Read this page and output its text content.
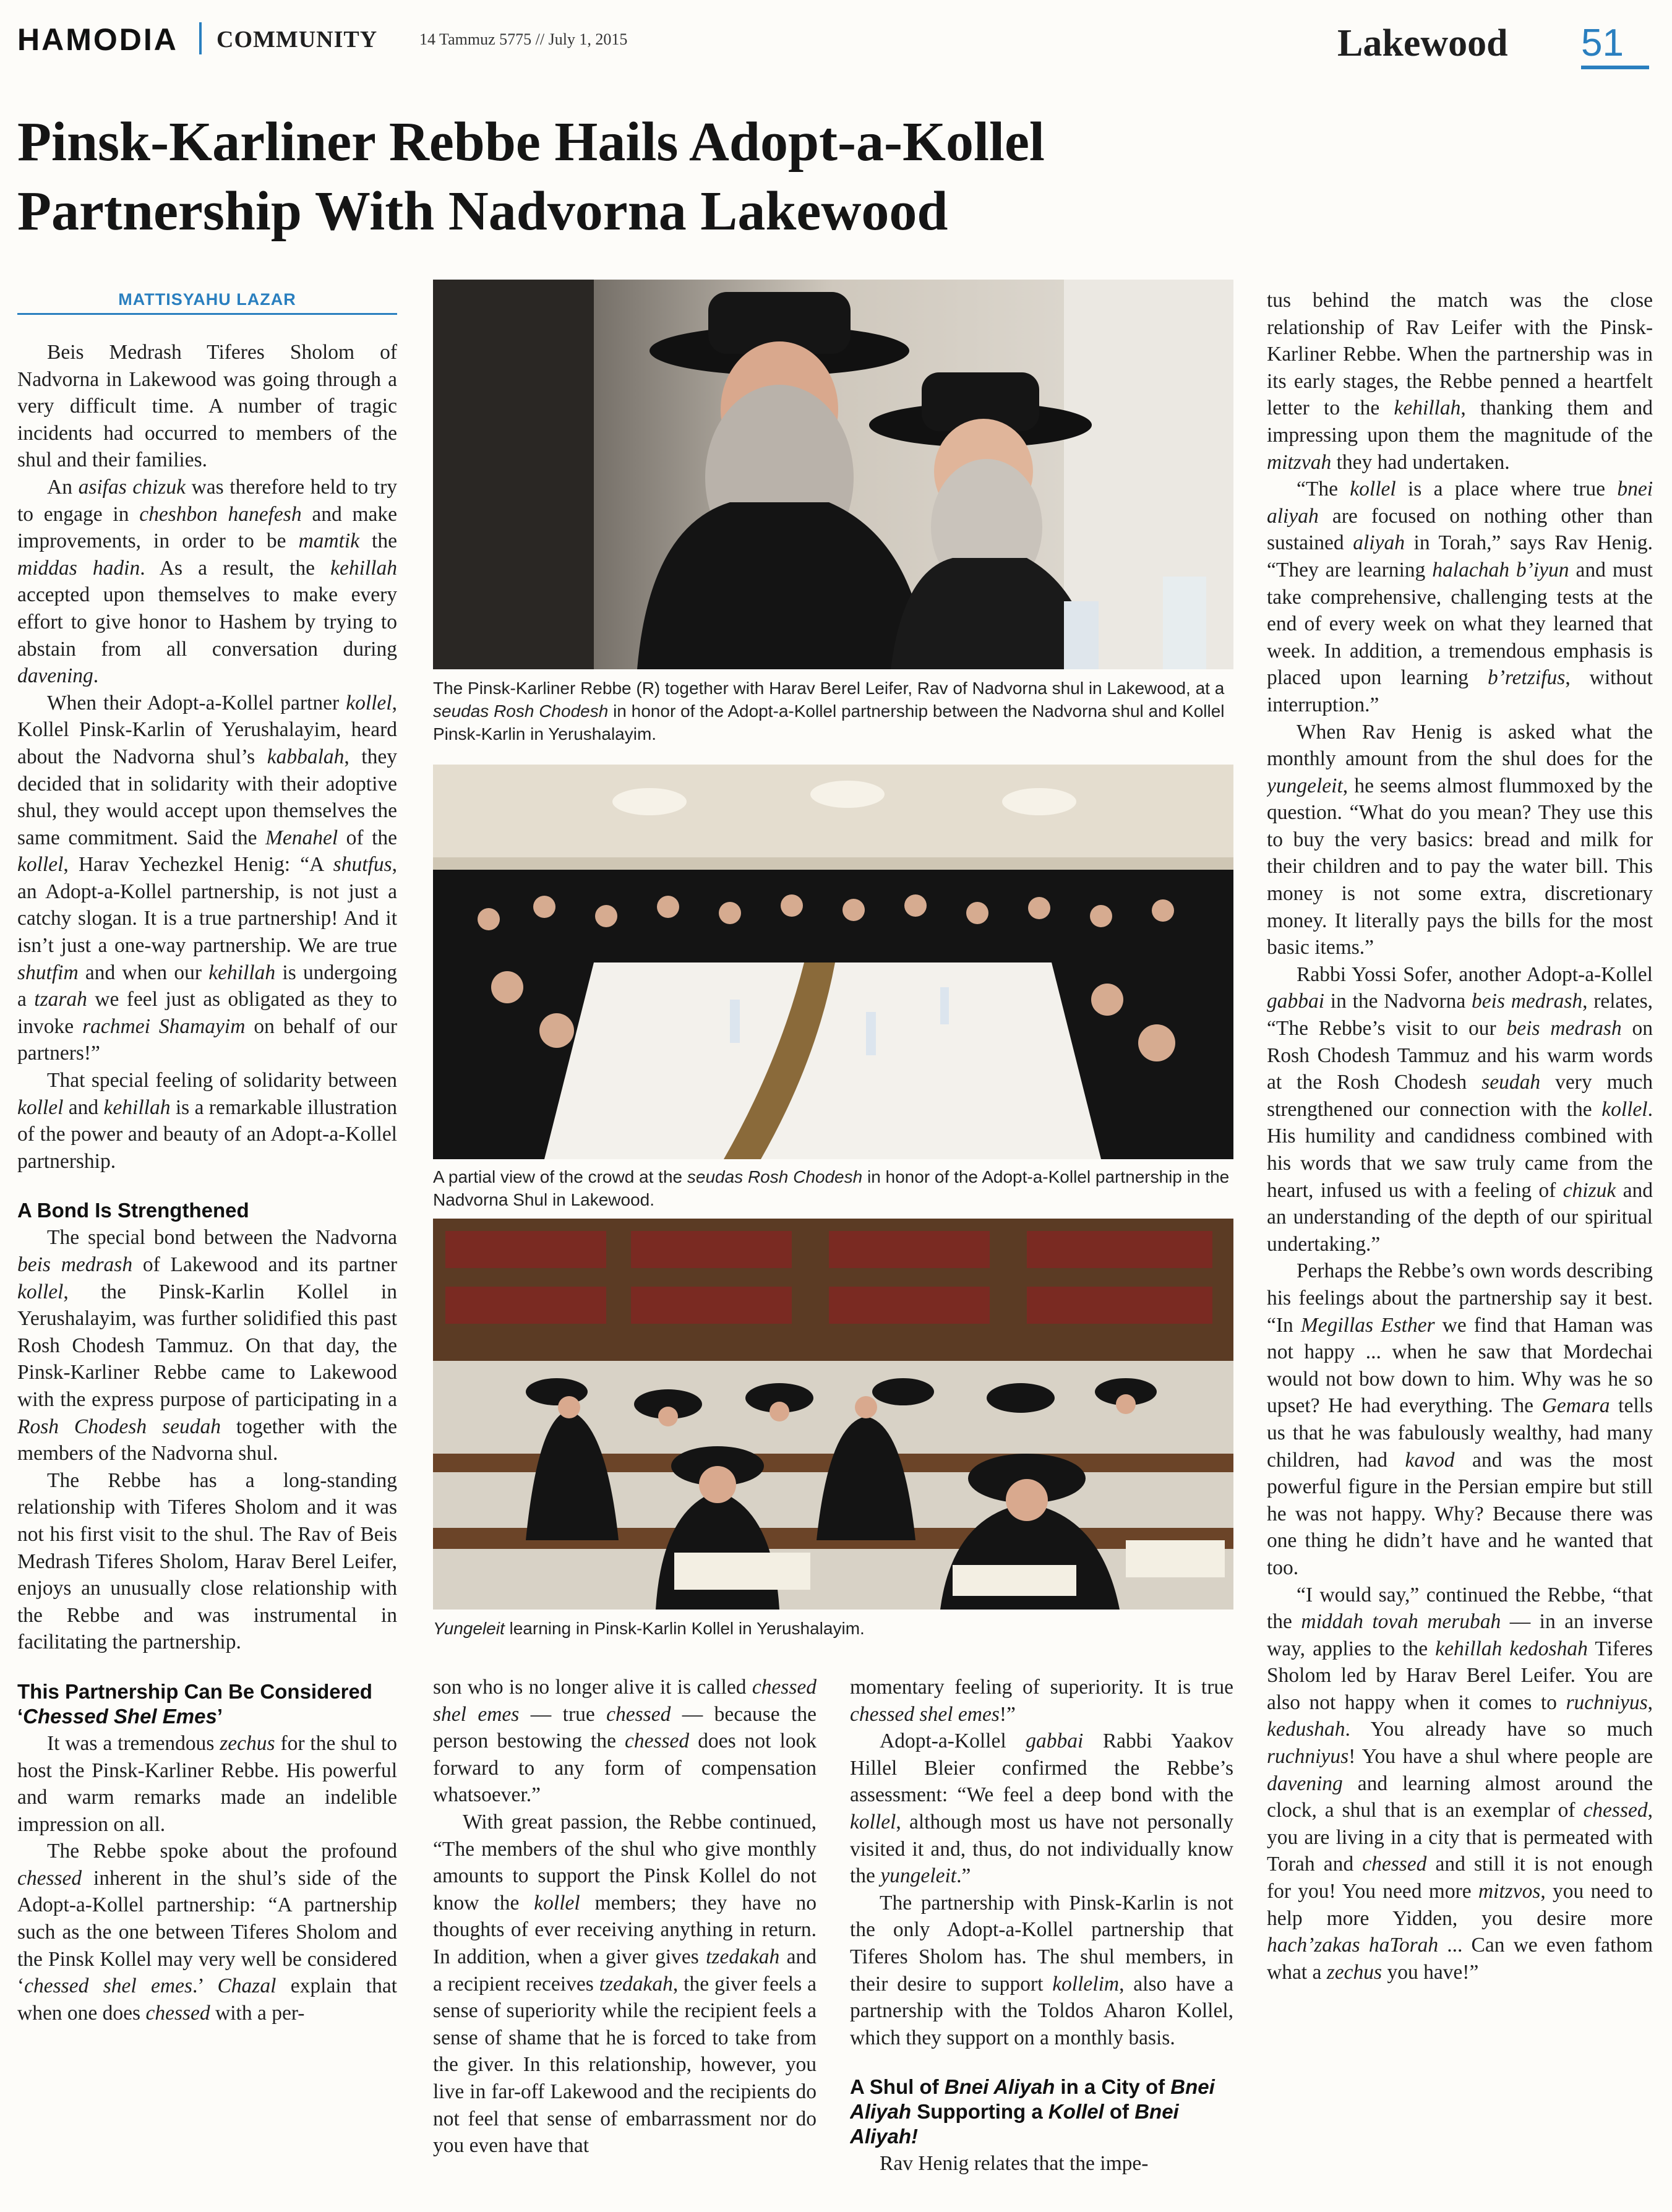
HAMODIA COMMUNITY	14 Tammuz 5775 // July 1, 2015	Lakewood 51
Pinsk-Karliner Rebbe Hails Adopt-a-Kollel
Partnership With Nadvorna Lakewood
MATTISYAHU LAZAR

Beis Medrash Tiferes Sholom of Nadvorna in Lakewood was going through a very difficult time. A number of tragic incidents had occurred to members of the shul and their families.

An asifas chizuk was therefore held to try to engage in cheshbon hanefesh and make improvements, in order to be mamtik the middas hadin. As a result, the kehillah accepted upon themselves to make every effort to give honor to Hashem by trying to abstain from all conversation during davening.

When their Adopt-a-Kollel partner kollel, Kollel Pinsk-Karlin of Yerushalayim, heard about the Nadvorna shul’s kabbalah, they decided that in solidarity with their adoptive shul, they would accept upon themselves the same commitment. Said the Menahel of the kollel, Harav Yechezkel Henig: “A shutfus, an Adopt-a-Kollel partnership, is not just a catchy slogan. It is a true partnership! And it isn’t just a one-way partnership. We are true shutfim and when our kehillah is undergoing a tzarah we feel just as obligated as they to invoke rachmei Shamayim on behalf of our partners!”

That special feeling of solidarity between kollel and kehillah is a remarkable illustration of the power and beauty of an Adopt-a-Kollel partnership.

A Bond Is Strengthened

The special bond between the Nadvorna beis medrash of Lakewood and its partner kollel, the Pinsk-Karlin Kollel in Yerushalayim, was further solidified this past Rosh Chodesh Tammuz. On that day, the Pinsk-Karliner Rebbe came to Lakewood with the express purpose of participating in a Rosh Chodesh seudah together with the members of the Nadvorna shul.

The Rebbe has a long-standing relationship with Tiferes Sholom and it was not his first visit to the shul. The Rav of Beis Medrash Tiferes Sholom, Harav Berel Leifer, enjoys an unusually close relationship with the Rebbe and was instrumental in facilitating the partnership.

This Partnership Can Be Considered ‘Chessed Shel Emes’

It was a tremendous zechus for the shul to host the Pinsk-Karliner Rebbe. His powerful and warm remarks made an indelible impression on all.

The Rebbe spoke about the profound chessed inherent in the shul’s side of the Adopt-a-Kollel partnership: “A partnership such as the one between Tiferes Sholom and the Pinsk Kollel may very well be considered ‘chessed shel emes.’ Chazal explain that when one does chessed with a per-

son who is no longer alive it is called chessed shel emes — true chessed — because the person bestowing the chessed does not look forward to any form of compensation whatsoever.”

With great passion, the Rebbe continued, “The members of the shul who give monthly amounts to support the Pinsk Kollel do not know the kollel members; they have no thoughts of ever receiving anything in return. In addition, when a giver gives tzedakah and a recipient receives tzedakah, the giver feels a sense of superiority while the recipient feels a sense of shame that he is forced to take from the giver. In this relationship, however, you live in far-off Lakewood and the recipients do not feel that sense of embarrassment nor do you even have that

momentary feeling of superiority. It is true chessed shel emes!”

Adopt-a-Kollel gabbai Rabbi Yaakov Hillel Bleier confirmed the Rebbe’s assessment: “We feel a deep bond with the kollel, although most us have not personally visited it and, thus, do not individually know the yungeleit.”

The partnership with Pinsk-Karlin is not the only Adopt-a-Kollel partnership that Tiferes Sholom has. The shul members, in their desire to support kollelim, also have a partnership with the Toldos Aharon Kollel, which they support on a monthly basis.

A Shul of Bnei Aliyah in a City of Bnei Aliyah Supporting a Kollel of Bnei Aliyah!

Rav Henig relates that the impe-

tus behind the match was the close relationship of Rav Leifer with the Pinsk-Karliner Rebbe. When the partnership was in its early stages, the Rebbe penned a heartfelt letter to the kehillah, thanking them and impressing upon them the magnitude of the mitzvah they had undertaken.

“The kollel is a place where true bnei aliyah are focused on nothing other than sustained aliyah in Torah,” says Rav Henig. “They are learning halachah b’iyun and must take comprehensive, challenging tests at the end of every week on what they learned that week. In addition, a tremendous emphasis is placed upon learning b’retzifus, without interruption.”

When Rav Henig is asked what the monthly amount from the shul does for the yungeleit, he seems almost flummoxed by the question. “What do you mean? They use this to buy the very basics: bread and milk for their children and to pay the water bill. This money is not some extra, discretionary money. It literally pays the bills for the most basic items.”

Rabbi Yossi Sofer, another Adopt-a-Kollel gabbai in the Nadvorna beis medrash, relates, “The Rebbe’s visit to our beis medrash on Rosh Chodesh Tammuz and his warm words at the Rosh Chodesh seudah very much strengthened our connection with the kollel. His humility and candidness combined with his words that we saw truly came from the heart, infused us with a feeling of chizuk and an understanding of the depth of our spiritual undertaking.”

Perhaps the Rebbe’s own words describing his feelings about the partnership say it best. “In Megillas Esther we find that Haman was not happy ... when he saw that Mordechai would not bow down to him. Why was he so upset? He had everything. The Gemara tells us that he was fabulously wealthy, had many children, had kavod and was the most powerful figure in the Persian empire but still he was not happy. Why? Because there was one thing he didn’t have and he wanted that too.

“I would say,” continued the Rebbe, “that the middah tovah merubah — in an inverse way, applies to the kehillah kedoshah Tiferes Sholom led by Harav Berel Leifer. You are also not happy when it comes to ruchniyus, kedushah. You already have so much ruchniyus! You have a shul where people are davening and learning almost around the clock, a shul that is an exemplar of chessed, you are living in a city that is permeated with Torah and chessed and still it is not enough for you! You need more mitzvos, you need to help more Yidden, you desire more hach’zakas haTorah ... Can we even fathom what a zechus you have!”

The Pinsk-Karliner Rebbe (R) together with Harav Berel Leifer, Rav of Nadvorna shul in Lakewood, at a seudas Rosh Chodesh in honor of the Adopt-a-Kollel partnership between the Nadvorna shul and Kollel Pinsk-Karlin in Yerushalayim.
A partial view of the crowd at the seudas Rosh Chodesh in honor of the Adopt-a-Kollel partnership in the Nadvorna Shul in Lakewood.
Yungeleit learning in Pinsk-Karlin Kollel in Yerushalayim.
